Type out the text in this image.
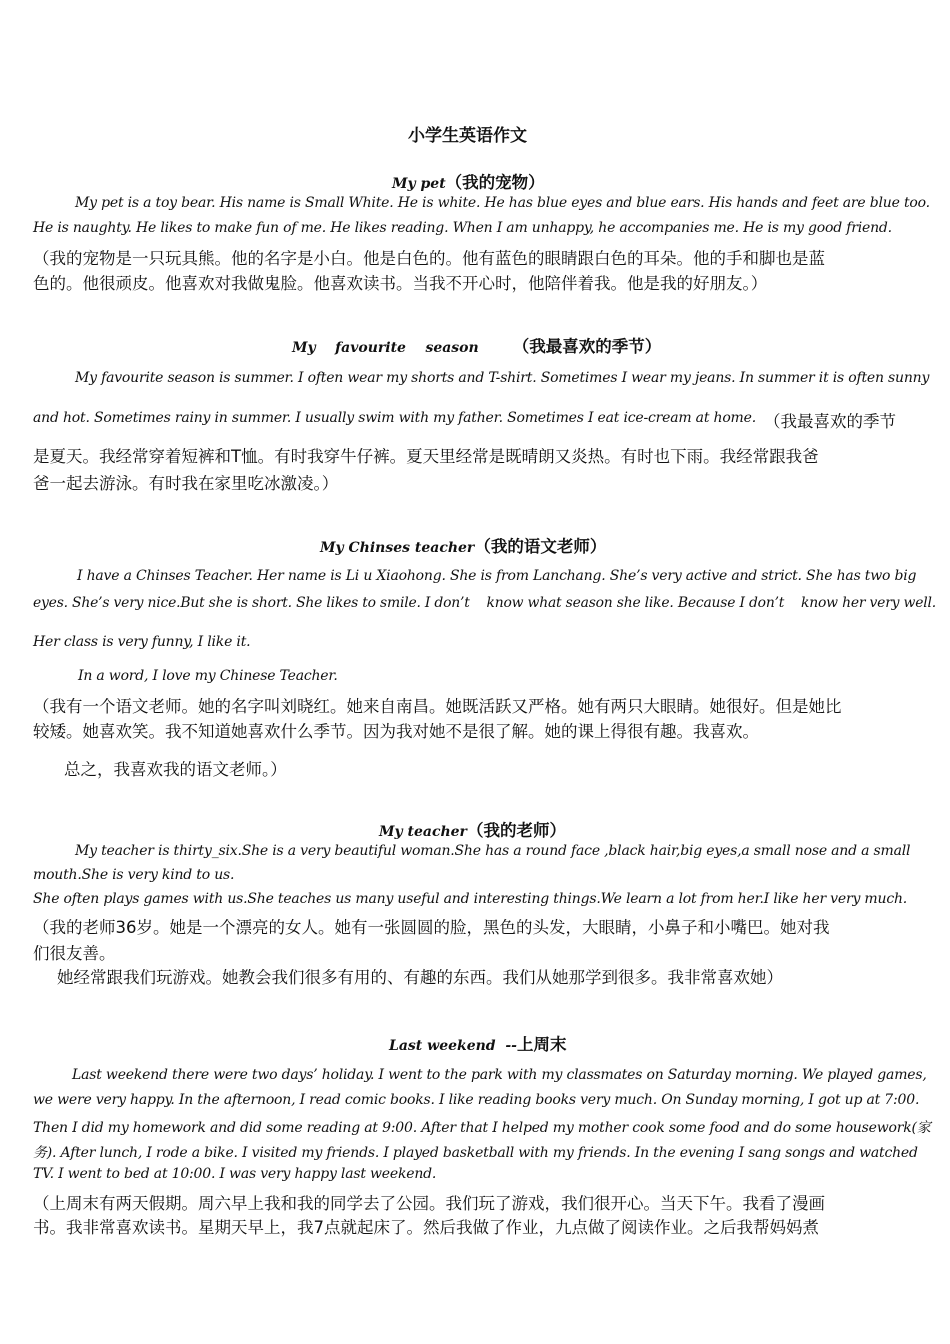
小学生英语作文
My pet（我的宠物）

My pet is a toy bear. His name is Small White. He is white. He has blue eyes and blue ears. His hands and feet are blue too.

He is naughty. He likes to make fun of me. He likes reading. When I am unhappy, he accompanies me. He is my good friend.

（我的宠物是一只玩具熊。他的名字是小白。他是白色的。他有蓝色的眼睛跟白色的耳朵。他的手和脚也是蓝

色的。他很顽皮。他喜欢对我做鬼脸。他喜欢读书。当我不开心时，他陪伴着我。他是我的好朋友。）

My    favourite    season （我最喜欢的季节）

My favourite season is summer. I often wear my shorts and T-shirt. Sometimes I wear my jeans. In summer it is often sunny

and hot. Sometimes rainy in summer. I usually swim with my father. Sometimes I eat ice-cream at home. （我最喜欢的季节

是夏天。我经常穿着短裤和T恤。有时我穿牛仔裤。夏天里经常是既晴朗又炎热。有时也下雨。我经常跟我爸

爸一起去游泳。有时我在家里吃冰激凌。）

My Chinses teacher（我的语文老师）

I have a Chinses Teacher. Her name is Li u Xiaohong. She is from Lanchang. She’s very active and strict. She has two big

eyes. She’s very nice.But she is short. She likes to smile. I don’t    know what season she like. Because I don’t    know her very well.

Her class is very funny, I like it.

In a word, I love my Chinese Teacher.

（我有一个语文老师。她的名字叫刘晓红。她来自南昌。她既活跃又严格。她有两只大眼睛。她很好。但是她比

较矮。她喜欢笑。我不知道她喜欢什么季节。因为我对她不是很了解。她的课上得很有趣。我喜欢。

总之，我喜欢我的语文老师。）

My teacher（我的老师）

My teacher is thirty_six.She is a very beautiful woman.She has a round face ,black hair,big eyes,a small nose and a small

mouth.She is very kind to us.

She often plays games with us.She teaches us many useful and interesting things.We learn a lot from her.I like her very much.

（我的老师36岁。她是一个漂亮的女人。她有一张圆圆的脸，黑色的头发，大眼睛，小鼻子和小嘴巴。她对我

们很友善。

她经常跟我们玩游戏。她教会我们很多有用的、有趣的东西。我们从她那学到很多。我非常喜欢她）

Last weekend  --上周末

Last weekend there were two days’ holiday. I went to the park with my classmates on Saturday morning. We played games,

we were very happy. In the afternoon, I read comic books. I like reading books very much. On Sunday morning, I got up at 7:00.

Then I did my homework and did some reading at 9:00. After that I helped my mother cook some food and do some housework(家

务). After lunch, I rode a bike. I visited my friends. I played basketball with my friends. In the evening I sang songs and watched

TV. I went to bed at 10:00. I was very happy last weekend.

（上周末有两天假期。周六早上我和我的同学去了公园。我们玩了游戏，我们很开心。当天下午。我看了漫画

书。我非常喜欢读书。星期天早上，我7点就起床了。然后我做了作业，九点做了阅读作业。之后我帮妈妈煮
